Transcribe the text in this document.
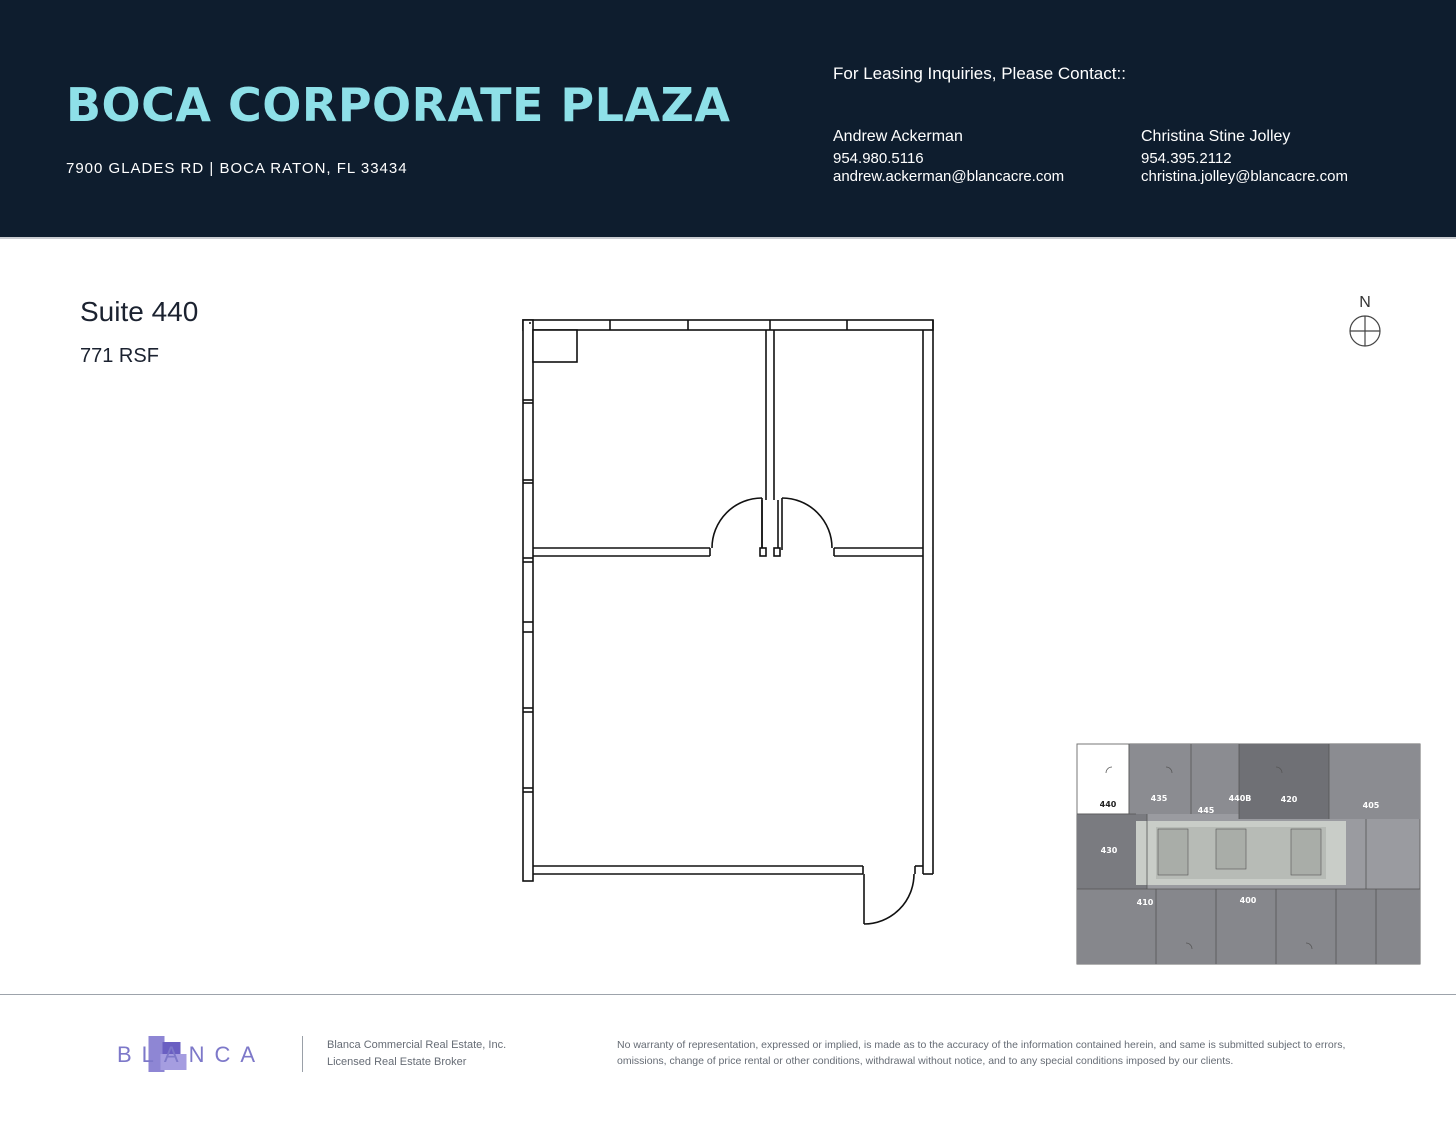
BOCA CORPORATE PLAZA
7900 GLADES RD | BOCA RATON, FL 33434
For Leasing Inquiries, Please Contact::
Andrew Ackerman
954.980.5116
andrew.ackerman@blancacre.com
Christina Stine Jolley
954.395.2112
christina.jolley@blancacre.com
Suite 440
771 RSF
N
440
435
445
440B	420
405
430
410	400
BLANCA	Blanca Commercial Real Estate, Inc.
Licensed Real Estate Broker
No warranty of representation, expressed or implied, is made as to the accuracy of the information contained herein, and same is submitted subject to errors, omissions, change of price rental or other conditions, withdrawal without notice, and to any special conditions imposed by our clients.
